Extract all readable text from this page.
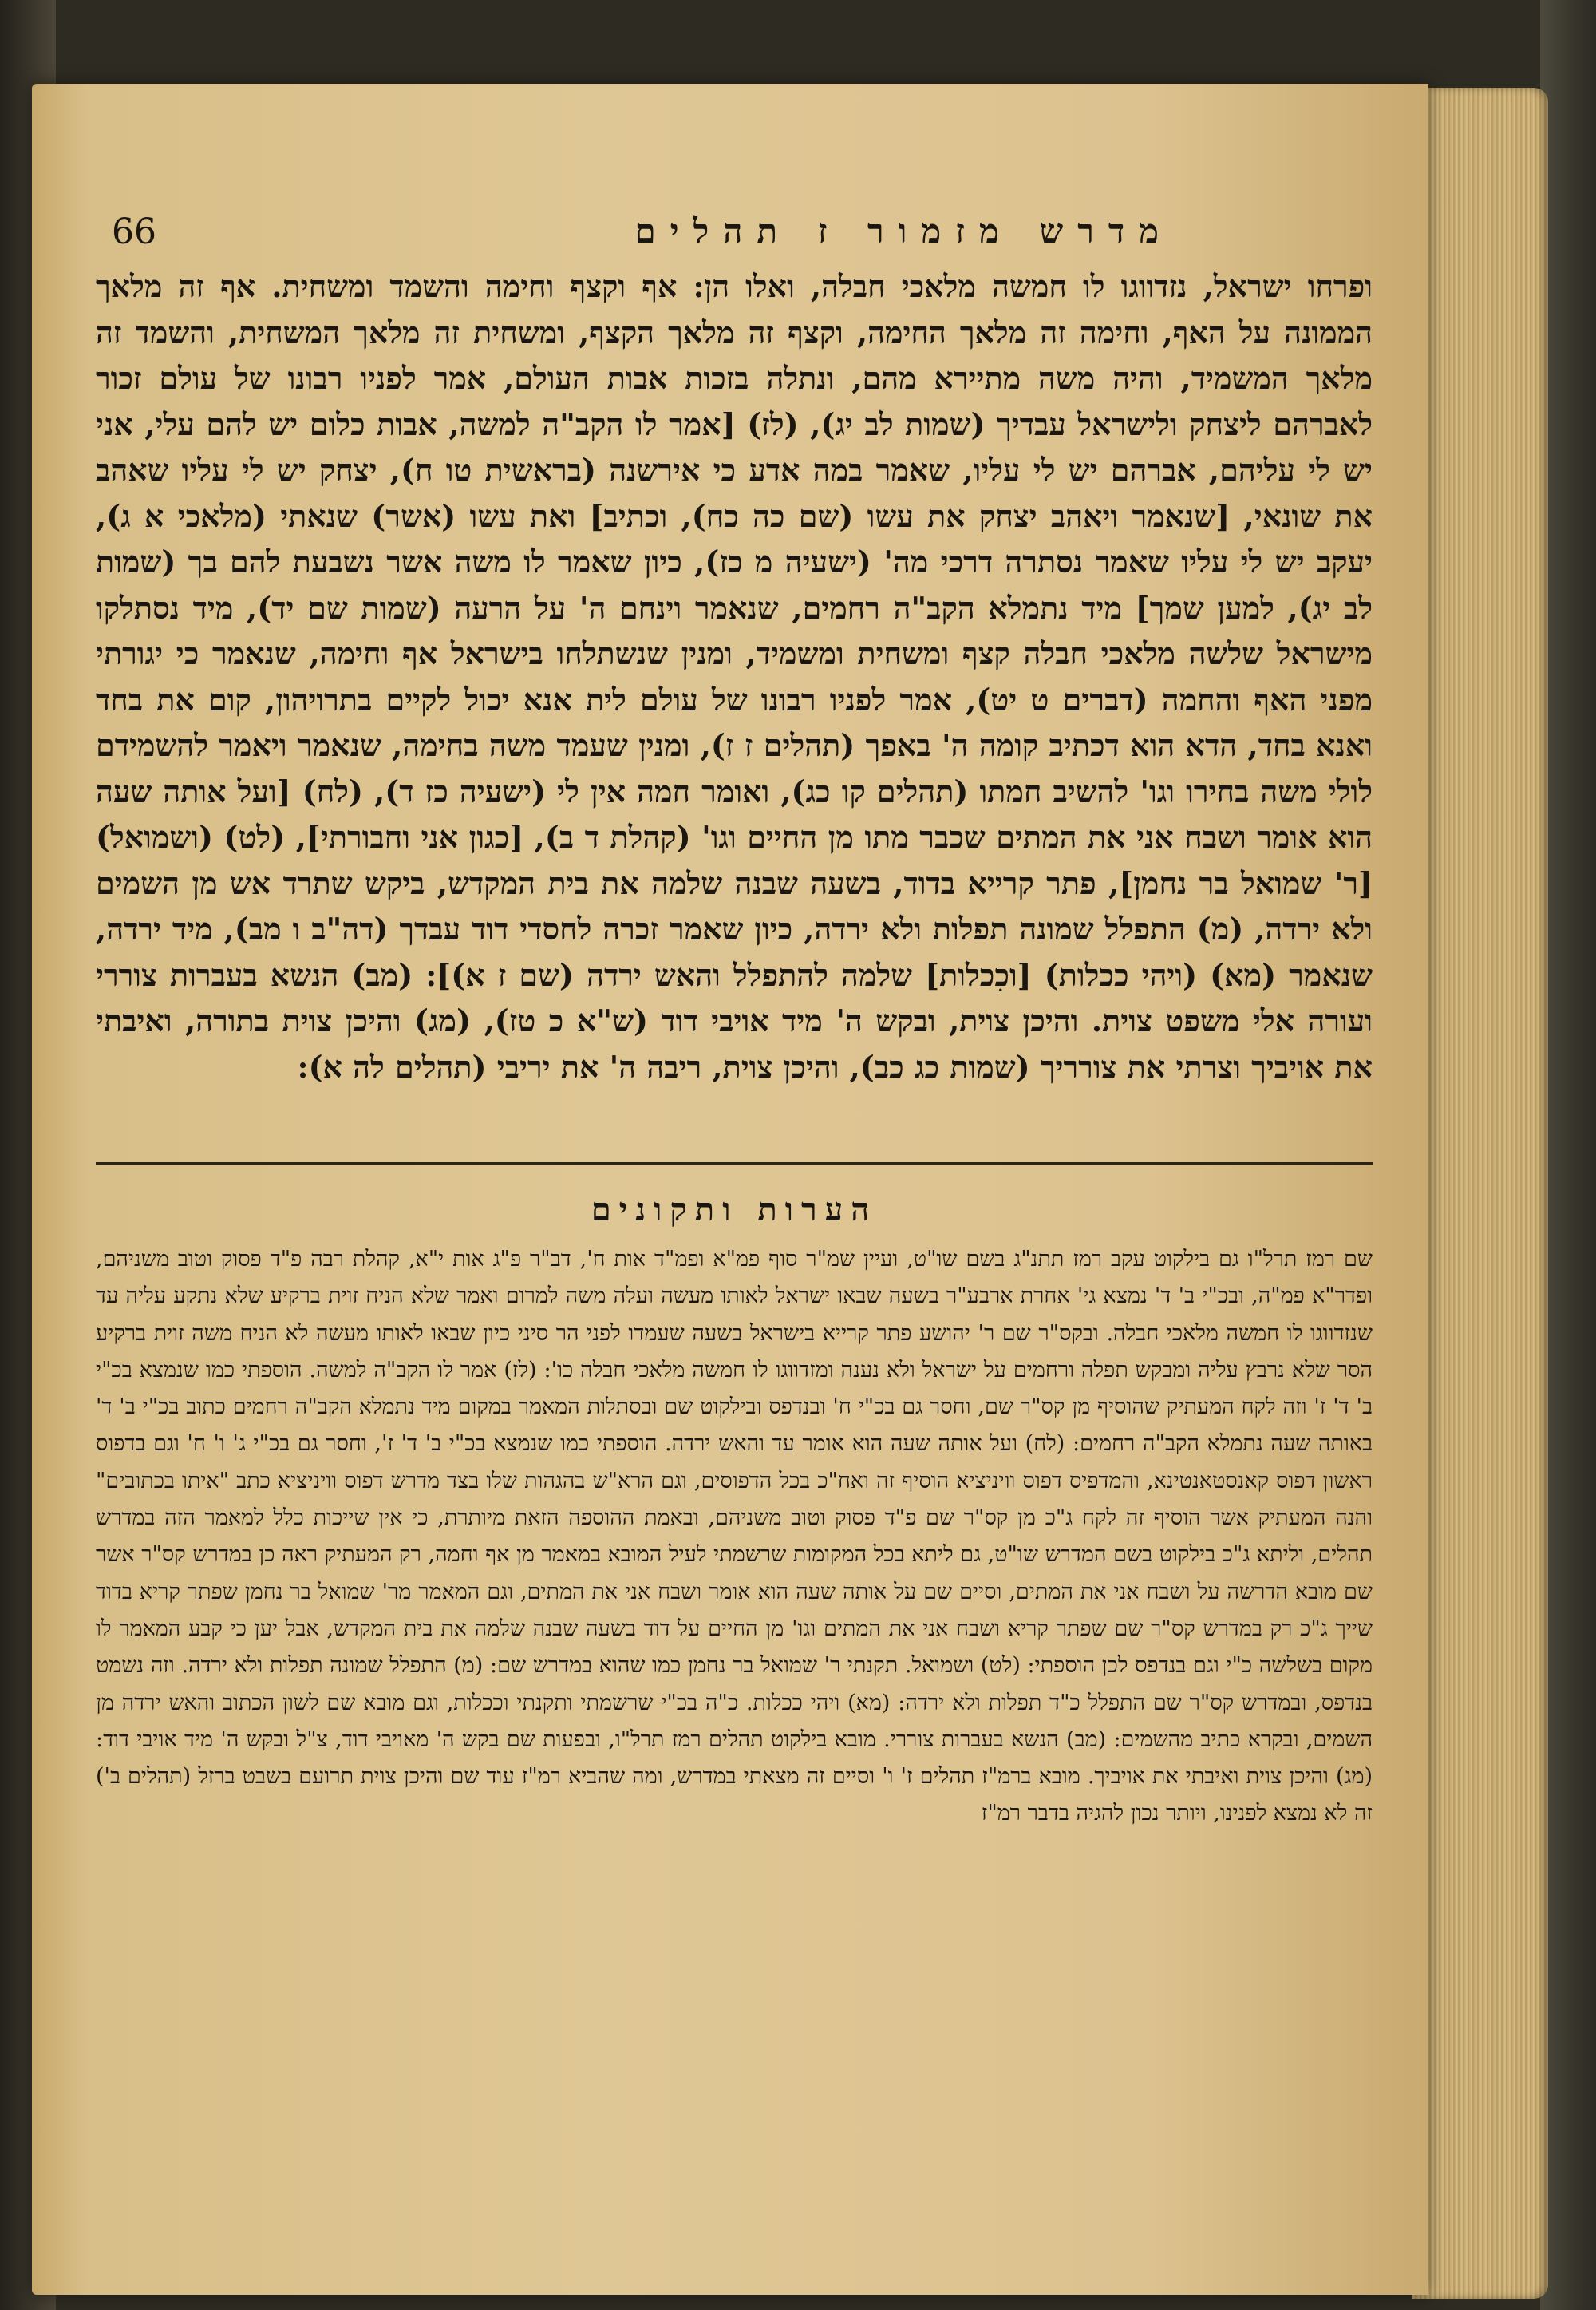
66	מדרש מזמור ז תהלים

ופרחו ישראל, נזדווגו לו חמשה מלאכי חבלה, ואלו הן: אף וקצף וחימה והשמד ומשחית. אף זה מלאך הממונה על האף, וחימה זה מלאך החימה, וקצף זה מלאך הקצף, ומשחית זה מלאך המשחית, והשמד זה מלאך המשמיד, והיה משה מתיירא מהם, ונתלה בזכות אבות העולם, אמר לפניו רבונו של עולם זכור לאברהם ליצחק ולישראל עבדיך (שמות לב יג), (לז) [אמר לו הקב"ה למשה, אבות כלום יש להם עלי, אני יש לי עליהם, אברהם יש לי עליו, שאמר במה אדע כי אירשנה (בראשית טו ח), יצחק יש לי עליו שאהב את שונאי, [שנאמר ויאהב יצחק את עשו (שם כה כח), וכתיב] ואת עשו (אשר) שנאתי (מלאכי א ג), יעקב יש לי עליו שאמר נסתרה דרכי מה' (ישעיה מ כז), כיון שאמר לו משה אשר נשבעת להם בך (שמות לב יג), למען שמך] מיד נתמלא הקב"ה רחמים, שנאמר וינחם ה' על הרעה (שמות שם יד), מיד נסתלקו מישראל שלשה מלאכי חבלה קצף ומשחית ומשמיד, ומנין שנשתלחו בישראל אף וחימה, שנאמר כי יגורתי מפני האף והחמה (דברים ט יט), אמר לפניו רבונו של עולם לית אנא יכול לקיים בתרויהון, קום את בחד ואנא בחד, הדא הוא דכתיב קומה ה' באפך (תהלים ז ז), ומנין שעמד משה בחימה, שנאמר ויאמר להשמידם לולי משה בחירו וגו' להשיב חמתו (תהלים קו כג), ואומר חמה אין לי (ישעיה כז ד), (לח) [ועל אותה שעה הוא אומר ושבח אני את המתים שכבר מתו מן החיים וגו' (קהלת ד ב), [כגון אני וחבורתי], (לט) (ושמואל) [ר' שמואל בר נחמן], פתר קרייא בדוד, בשעה שבנה שלמה את בית המקדש, ביקש שתרד אש מן השמים ולא ירדה, (מ) התפלל שמונה תפלות ולא ירדה, כיון שאמר זכרה לחסדי דוד עבדך (דה"ב ו מב), מיד ירדה, שנאמר (מא) (ויהי ככלות) [וכִכלות] שלמה להתפלל והאש ירדה (שם ז א)]: (מב) הנשא בעברות צוררי ועורה אלי משפט צוית. והיכן צוית, ובקש ה' מיד אויבי דוד (ש"א כ טז), (מג) והיכן צוית בתורה, ואיבתי את אויביך וצרתי את צורריך (שמות כג כב), והיכן צוית, ריבה ה' את יריבי (תהלים לה א):

הערות ותקונים

שם רמז תרל"ו גם בילקוט עקב רמז תתנ"ג בשם שו"ט, ועיין שמ"ר סוף פמ"א ופמ"ד אות ח', דב"ר פ"ג אות י"א, קהלת רבה פ"ד פסוק וטוב משניהם, ופדר"א פמ"ה, ובכ"י ב' ד' נמצא גי' אחרת ארבע"ר בשעה שבאו ישראל לאותו מעשה ועלה משה למרום ואמר שלא הניח זוית ברקיע שלא נתקע עליה עד שנזדווגו לו חמשה מלאכי חבלה. ובקס"ר שם ר' יהושע פתר קרייא בישראל בשעה שעמדו לפני הר סיני כיון שבאו לאותו מעשה לא הניח משה זוית ברקיע הסר שלא נרבץ עליה ומבקש תפלה ורחמים על ישראל ולא נענה ומזדווגו לו חמשה מלאכי חבלה כו': (לז) אמר לו הקב"ה למשה. הוספתי כמו שנמצא בכ"י ב' ד' ז' וזה לקח המעתיק שהוסיף מן קס"ר שם, וחסר גם בכ"י ח' ובנדפס ובילקוט שם ובסתלות המאמר במקום מיד נתמלא הקב"ה רחמים כתוב בכ"י ב' ד' באותה שעה נתמלא הקב"ה רחמים: (לח) ועל אותה שעה הוא אומר עד והאש ירדה. הוספתי כמו שנמצא בכ"י ב' ד' ז', וחסר גם בכ"י ג' ו' ח' וגם בדפוס ראשון דפוס קאנסטאנטינא, והמדפיס דפוס וויניציא הוסיף זה ואח"כ בכל הדפוסים, וגם הרא"ש בהגהות שלו בצד מדרש דפוס וויניציא כתב "איתו בכתובים" והנה המעתיק אשר הוסיף זה לקח ג"כ מן קס"ר שם פ"ד פסוק וטוב משניהם, ובאמת ההוספה הזאת מיותרת, כי אין שייכות כלל למאמר הזה במדרש תהלים, וליתא ג"כ בילקוט בשם המדרש שו"ט, גם ליתא בכל המקומות שרשמתי לעיל המובא במאמר מן אף וחמה, רק המעתיק ראה כן במדרש קס"ר אשר שם מובא הדרשה על ושבח אני את המתים, וסיים שם על אותה שעה הוא אומר ושבח אני את המתים, וגם המאמר מר' שמואל בר נחמן שפתר קריא בדוד שייך ג"כ רק במדרש קס"ר שם שפתר קריא ושבח אני את המתים וגו' מן החיים על דוד בשעה שבנה שלמה את בית המקדש, אבל יען כי קבע המאמר לו מקום בשלשה כ"י וגם בנדפס לכן הוספתי: (לט) ושמואל. תקנתי ר' שמואל בר נחמן כמו שהוא במדרש שם: (מ) התפלל שמונה תפלות ולא ירדה. וזה נשמט בנדפס, ובמדרש קס"ר שם התפלל כ"ד תפלות ולא ירדה: (מא) ויהי ככלות. כ"ה בכ"י שרשמתי ותקנתי וככלות, וגם מובא שם לשון הכתוב והאש ירדה מן השמים, ובקרא כתיב מהשמים: (מב) הנשא בעברות צוררי. מובא בילקוט תהלים רמז תרל"ו, ובפעות שם בקש ה' מאויבי דוד, צ"ל ובקש ה' מיד אויבי דוד: (מג) והיכן צוית ואיבתי את אויביך. מובא ברמ"ז תהלים ז' ו' וסיים זה מצאתי במדרש, ומה שהביא רמ"ז עוד שם והיכן צוית תרועם בשבט ברזל (תהלים ב') זה לא נמצא לפנינו, ויותר נכון להגיה בדבר רמ"ז
